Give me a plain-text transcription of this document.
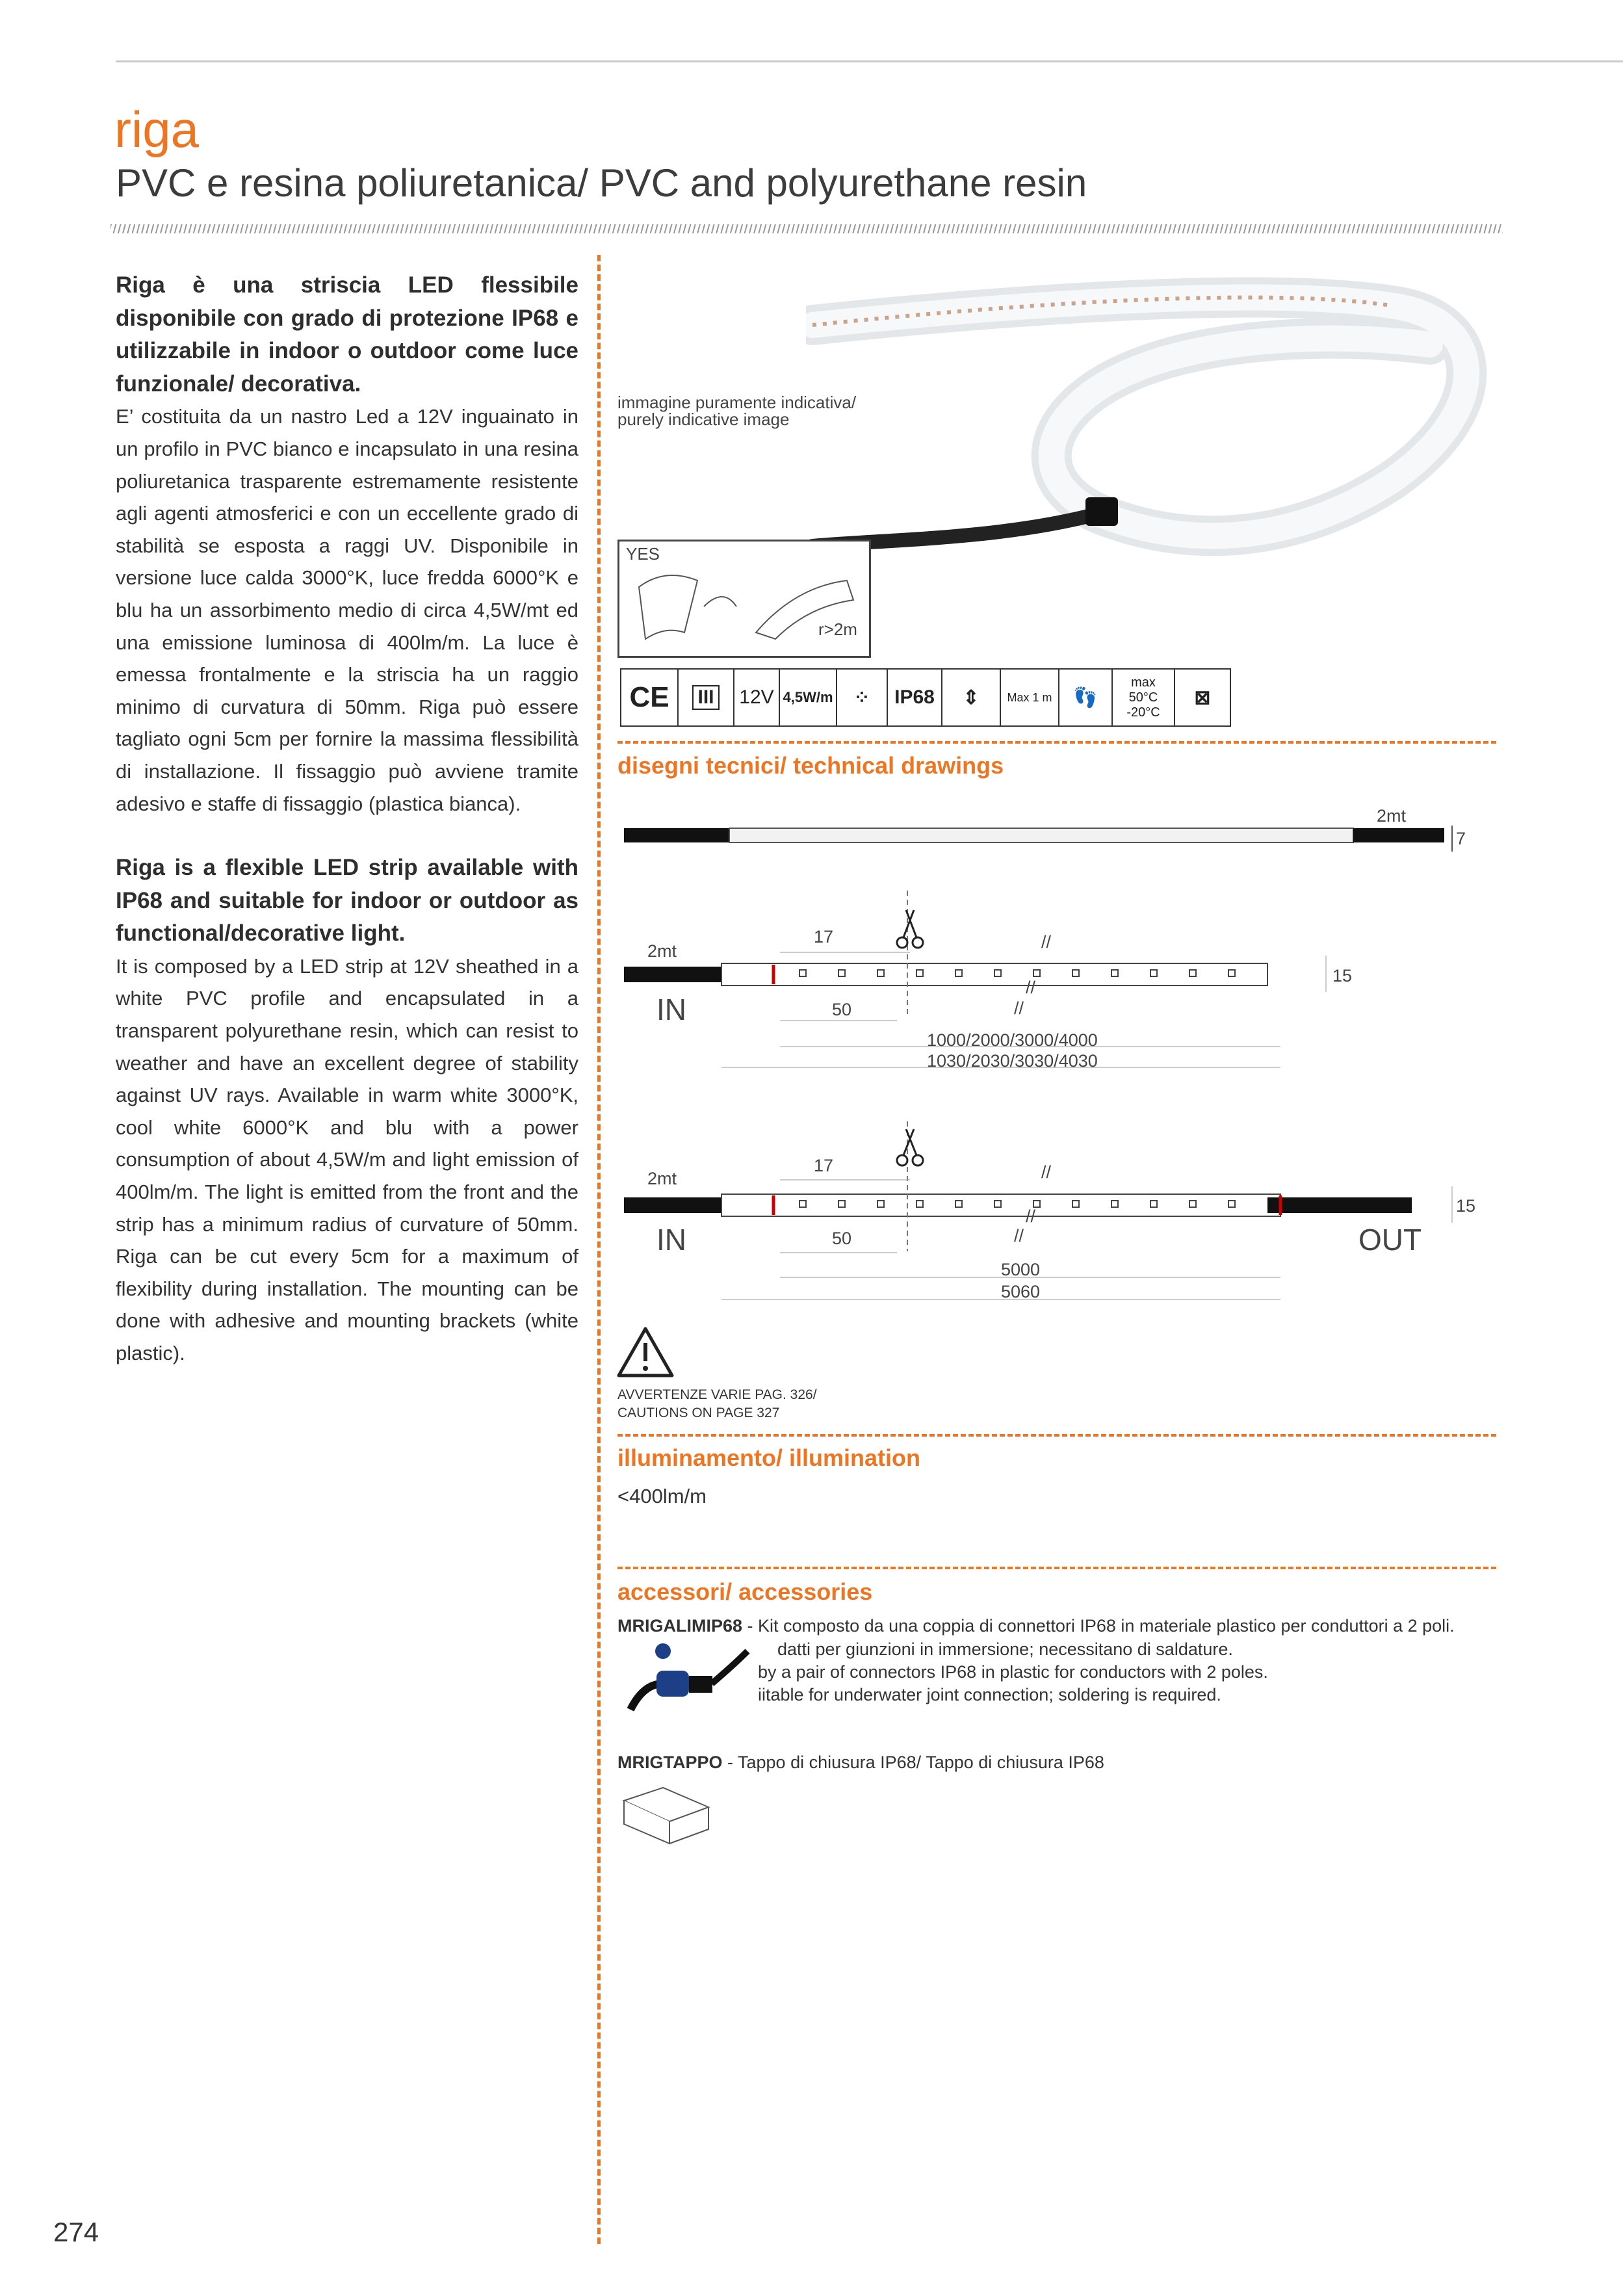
riga
PVC e resina poliuretanica/ PVC and polyurethane resin
Riga è una striscia LED flessibile disponibile con grado di protezione IP68 e utilizzabile in indoor o outdoor come luce funzionale/ decorativa.
E’ costituita da un nastro Led a 12V inguainato in un profilo in PVC bianco e incapsulato in una resina poliuretanica trasparente estremamente resistente agli agenti atmosferici e con un eccellente grado di stabilità se esposta a raggi UV. Disponibile in versione luce calda 3000°K, luce fredda 6000°K e blu ha un assorbimento medio di circa 4,5W/mt ed una emissione luminosa di 400lm/m. La luce è emessa frontalmente e la striscia ha un raggio minimo di curvatura di 50mm. Riga può essere tagliato ogni 5cm per fornire la massima flessibilità di installazione. Il fissaggio può avviene tramite adesivo e staffe di fissaggio (plastica bianca).
Riga is a flexible LED strip available with IP68 and suitable for indoor or outdoor as functional/decorative light.
It is composed by a LED strip at 12V sheathed in a white PVC profile and encapsulated in a transparent polyurethane resin, which can resist to weather and have an excellent degree of stability against UV rays. Available in warm white 3000°K, cool white 6000°K and blu with a power consumption of about 4,5W/m and light emission of 400lm/m. The light is emitted from the front and the strip has a minimum radius of curvature of 50mm. Riga can be cut every 5cm for a maximum of flexibility during installation. The mounting can be done with adhesive and mounting brackets (white plastic).
immagine puramente indicativa/
purely indicative image
YES
r>2m
CE	III 12V 4,5W/m	⁘	IP68	⇕	Max 1 m	👣
max
50°C
-20°C
⊠
disegni tecnici/ technical drawings
2mt
7
2mt
17
50
15
IN
//
//
//
1000/2000/3000/4000
1030/2030/3030/4030
2mt
17
50
15
IN	OUT
//
//
//
5000
5060
AVVERTENZE VARIE PAG. 326/
CAUTIONS ON PAGE 327
illuminamento/ illumination
<400lm/m
accessori/ accessories
MRIGALIMIP68 - Kit composto da una coppia di connettori IP68 in materiale plastico per conduttori a 2 poli.
datti per giunzioni in immersione; necessitano di saldature.
by a pair of connectors IP68 in plastic for conductors with 2 poles.
iitable for underwater joint connection; soldering is required.
MRIGTAPPO - Tappo di chiusura IP68/ Tappo di chiusura IP68
274
